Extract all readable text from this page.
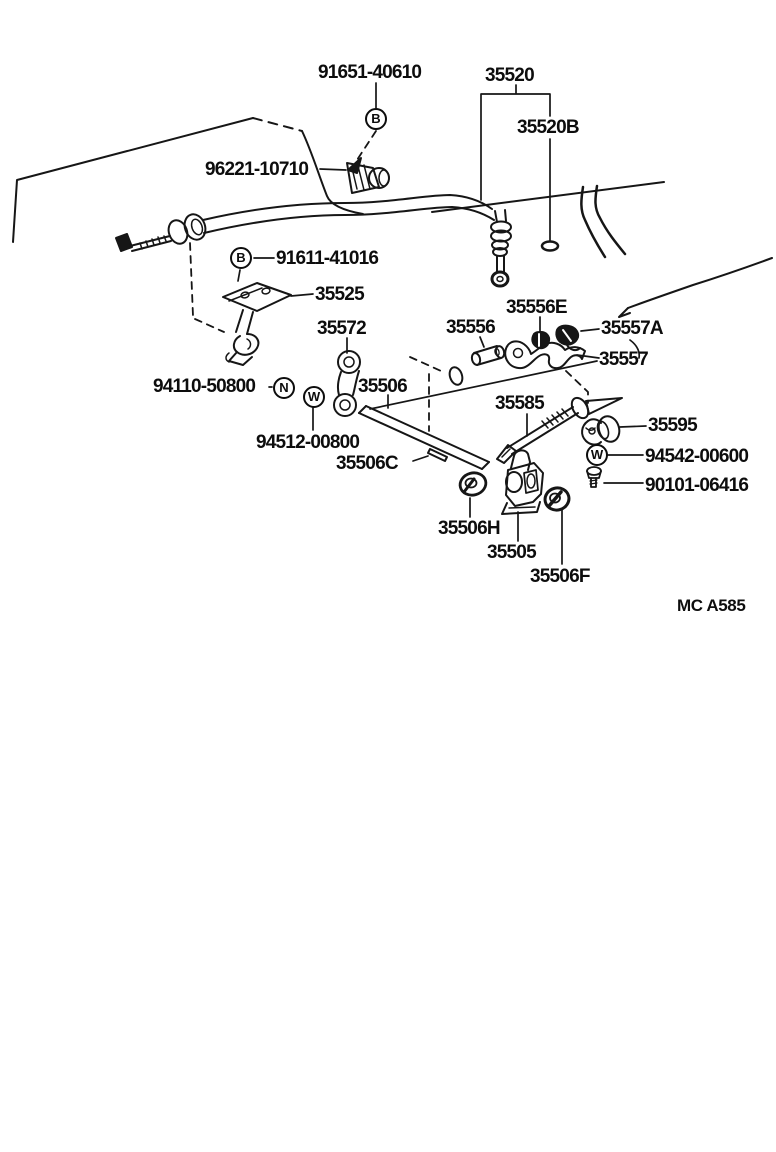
91651-40610	35520
35520B
96221-10710
91611-41016
35525
35572	35556
35556E
35557A
35557
94110-50800	35506
94512-00800
35506C
35585
35595
94542-00600
90101-06416
35506H
35505
35506F
B
B
N
W
W
MC A585
